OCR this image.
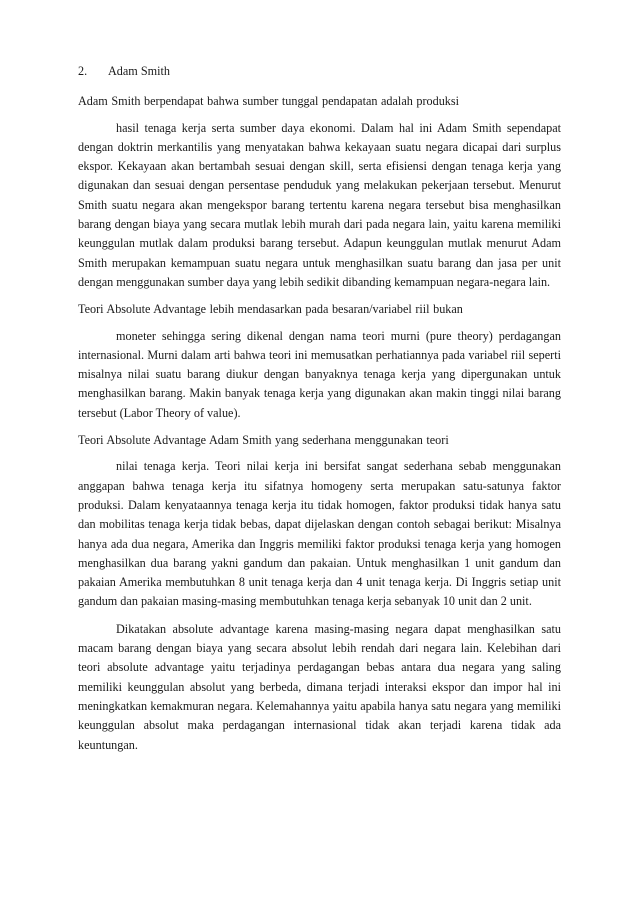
2.	Adam Smith

Adam Smith berpendapat bahwa sumber tunggal pendapatan adalah produksi

hasil tenaga kerja serta sumber daya ekonomi. Dalam hal ini Adam Smith sependapat dengan doktrin merkantilis yang menyatakan bahwa kekayaan suatu negara dicapai dari surplus ekspor. Kekayaan akan bertambah sesuai dengan skill, serta efisiensi dengan tenaga kerja yang digunakan dan sesuai dengan persentase penduduk yang melakukan pekerjaan tersebut. Menurut Smith suatu negara akan mengekspor barang tertentu karena negara tersebut bisa menghasilkan barang dengan biaya yang secara mutlak lebih murah dari pada negara lain, yaitu karena memiliki keunggulan mutlak dalam produksi barang tersebut. Adapun keunggulan mutlak menurut Adam Smith merupakan kemampuan suatu negara untuk menghasilkan suatu barang dan jasa per unit dengan menggunakan sumber daya yang lebih sedikit dibanding kemampuan negara-negara lain.

Teori Absolute Advantage lebih mendasarkan pada besaran/variabel riil bukan

moneter sehingga sering dikenal dengan nama teori murni (pure theory) perdagangan internasional. Murni dalam arti bahwa teori ini memusatkan perhatiannya pada variabel riil seperti misalnya nilai suatu barang diukur dengan banyaknya tenaga kerja yang dipergunakan untuk menghasilkan barang. Makin banyak tenaga kerja yang digunakan akan makin tinggi nilai barang tersebut (Labor Theory of value).

Teori Absolute Advantage Adam Smith yang sederhana menggunakan teori

nilai tenaga kerja. Teori nilai kerja ini bersifat sangat sederhana sebab menggunakan anggapan bahwa tenaga kerja itu sifatnya homogeny serta merupakan satu-satunya faktor produksi. Dalam kenyataannya tenaga kerja itu tidak homogen, faktor produksi tidak hanya satu dan mobilitas tenaga kerja tidak bebas, dapat dijelaskan dengan contoh sebagai berikut: Misalnya hanya ada dua negara, Amerika dan Inggris memiliki faktor produksi tenaga kerja yang homogen menghasilkan dua barang yakni gandum dan pakaian. Untuk menghasilkan 1 unit gandum dan pakaian Amerika membutuhkan 8 unit tenaga kerja dan 4 unit tenaga kerja. Di Inggris setiap unit gandum dan pakaian masing-masing membutuhkan tenaga kerja sebanyak 10 unit dan 2 unit.

Dikatakan absolute advantage karena masing-masing negara dapat menghasilkan satu macam barang dengan biaya yang secara absolut lebih rendah dari negara lain. Kelebihan dari teori absolute advantage yaitu terjadinya perdagangan bebas antara dua negara yang saling memiliki keunggulan absolut yang berbeda, dimana terjadi interaksi ekspor dan impor hal ini meningkatkan kemakmuran negara. Kelemahannya yaitu apabila hanya satu negara yang memiliki keunggulan absolut maka perdagangan internasional tidak akan terjadi karena tidak ada keuntungan.
